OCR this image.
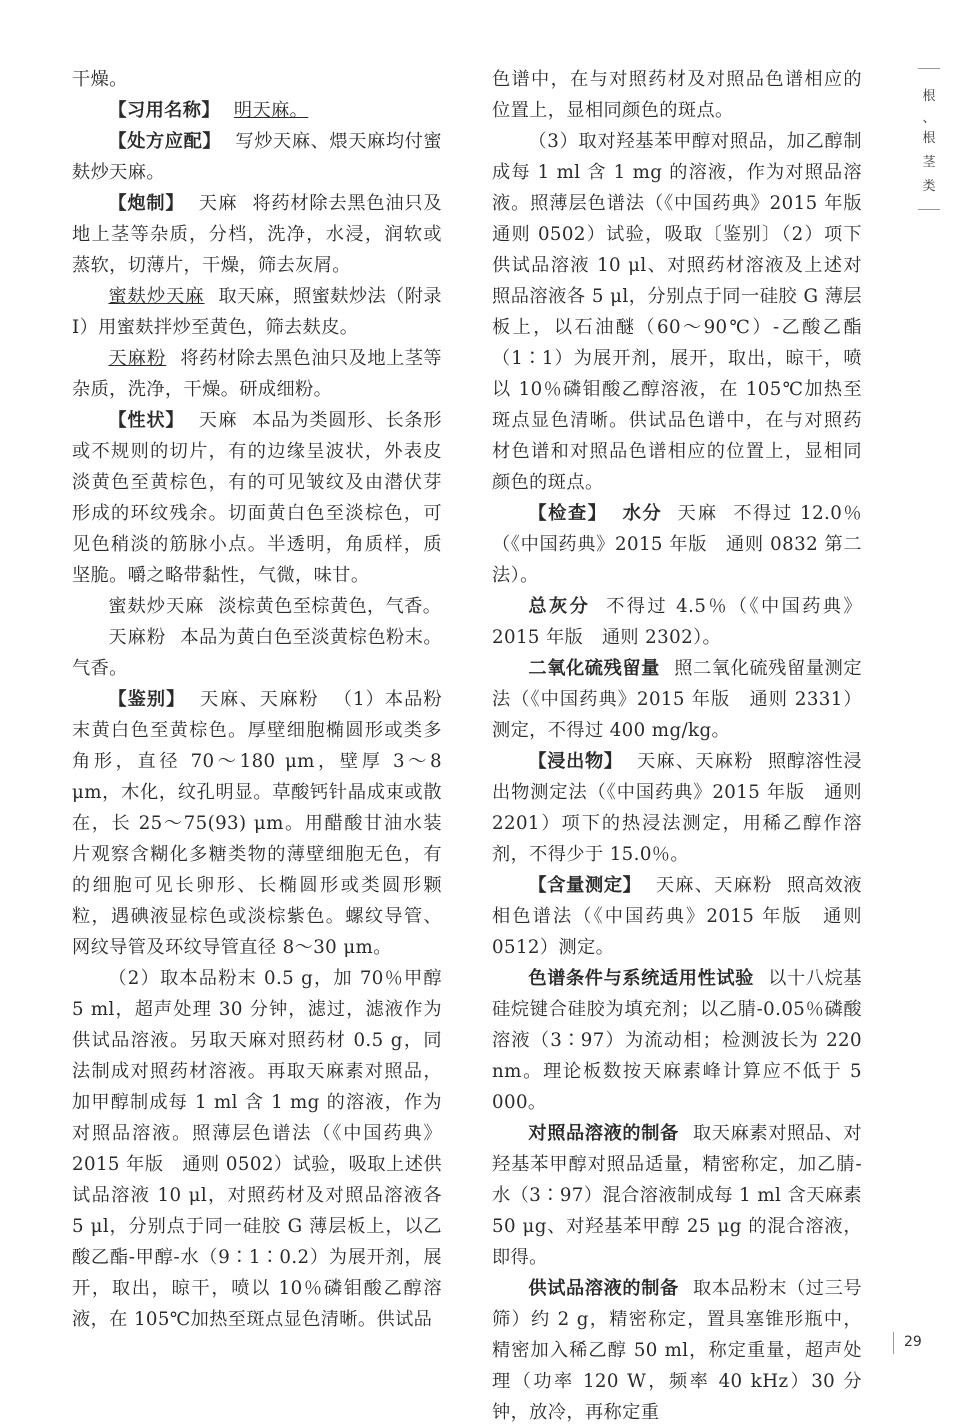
干燥。

【习用名称】 明天麻。

【处方应配】 写炒天麻、煨天麻均付蜜麸炒天麻。

【炮制】 天麻 将药材除去黑色油只及地上茎等杂质，分档，洗净，水浸，润软或蒸软，切薄片，干燥，筛去灰屑。

蜜麸炒天麻 取天麻，照蜜麸炒法（附录Ⅰ）用蜜麸拌炒至黄色，筛去麸皮。

天麻粉 将药材除去黑色油只及地上茎等杂质，洗净，干燥。研成细粉。

【性状】 天麻 本品为类圆形、长条形或不规则的切片，有的边缘呈波状，外表皮淡黄色至黄棕色，有的可见皱纹及由潜伏芽形成的环纹残余。切面黄白色至淡棕色，可见色稍淡的筋脉小点。半透明，角质样，质坚脆。嚼之略带黏性，气微，味甘。

蜜麸炒天麻 淡棕黄色至棕黄色，气香。

天麻粉 本品为黄白色至淡黄棕色粉末。气香。

【鉴别】 天麻、天麻粉 （1）本品粉末黄白色至黄棕色。厚壁细胞椭圆形或类多角形，直径 70～180 μm，壁厚 3～8 μm，木化，纹孔明显。草酸钙针晶成束或散在，长 25～75(93) μm。用醋酸甘油水装片观察含糊化多糖类物的薄壁细胞无色，有的细胞可见长卵形、长椭圆形或类圆形颗粒，遇碘液显棕色或淡棕紫色。螺纹导管、网纹导管及环纹导管直径 8～30 μm。

（2）取本品粉末 0.5 g，加 70％甲醇 5 ml，超声处理 30 分钟，滤过，滤液作为供试品溶液。另取天麻对照药材 0.5 g，同法制成对照药材溶液。再取天麻素对照品，加甲醇制成每 1 ml 含 1 mg 的溶液，作为对照品溶液。照薄层色谱法（《中国药典》2015 年版　通则 0502）试验，吸取上述供试品溶液 10 μl，对照药材及对照品溶液各 5 μl，分别点于同一硅胶 G 薄层板上，以乙酸乙酯-甲醇-水（9∶1∶0.2）为展开剂，展开，取出，晾干，喷以 10％磷钼酸乙醇溶液，在 105℃加热至斑点显色清晰。供试品

色谱中，在与对照药材及对照品色谱相应的位置上，显相同颜色的斑点。

（3）取对羟基苯甲醇对照品，加乙醇制成每 1 ml 含 1 mg 的溶液，作为对照品溶液。照薄层色谱法（《中国药典》2015 年版　通则 0502）试验，吸取〔鉴别〕（2）项下供试品溶液 10 μl、对照药材溶液及上述对照品溶液各 5 μl，分别点于同一硅胶 G 薄层板上，以石油醚（60～90℃）-乙酸乙酯（1∶1）为展开剂，展开，取出，晾干，喷以 10％磷钼酸乙醇溶液，在 105℃加热至斑点显色清晰。供试品色谱中，在与对照药材色谱和对照品色谱相应的位置上，显相同颜色的斑点。

【检查】 水分 天麻 不得过 12.0％（《中国药典》2015 年版　通则 0832 第二法）。

总灰分 不得过 4.5％（《中国药典》2015 年版　通则 2302）。

二氧化硫残留量 照二氧化硫残留量测定法（《中国药典》2015 年版　通则 2331）测定，不得过 400 mg/kg。

【浸出物】 天麻、天麻粉 照醇溶性浸出物测定法（《中国药典》2015 年版　通则 2201）项下的热浸法测定，用稀乙醇作溶剂，不得少于 15.0％。

【含量测定】 天麻、天麻粉 照高效液相色谱法（《中国药典》2015 年版　通则 0512）测定。

色谱条件与系统适用性试验 以十八烷基硅烷键合硅胶为填充剂；以乙腈-0.05％磷酸溶液（3∶97）为流动相；检测波长为 220 nm。理论板数按天麻素峰计算应不低于 5 000。

对照品溶液的制备 取天麻素对照品、对羟基苯甲醇对照品适量，精密称定，加乙腈-水（3∶97）混合溶液制成每 1 ml 含天麻素 50 μg、对羟基苯甲醇 25 μg 的混合溶液，即得。

供试品溶液的制备 取本品粉末（过三号筛）约 2 g，精密称定，置具塞锥形瓶中，精密加入稀乙醇 50 ml，称定重量，超声处理（功率 120 W，频率 40 kHz）30 分钟，放冷，再称定重

根
、
根
茎
类
29
